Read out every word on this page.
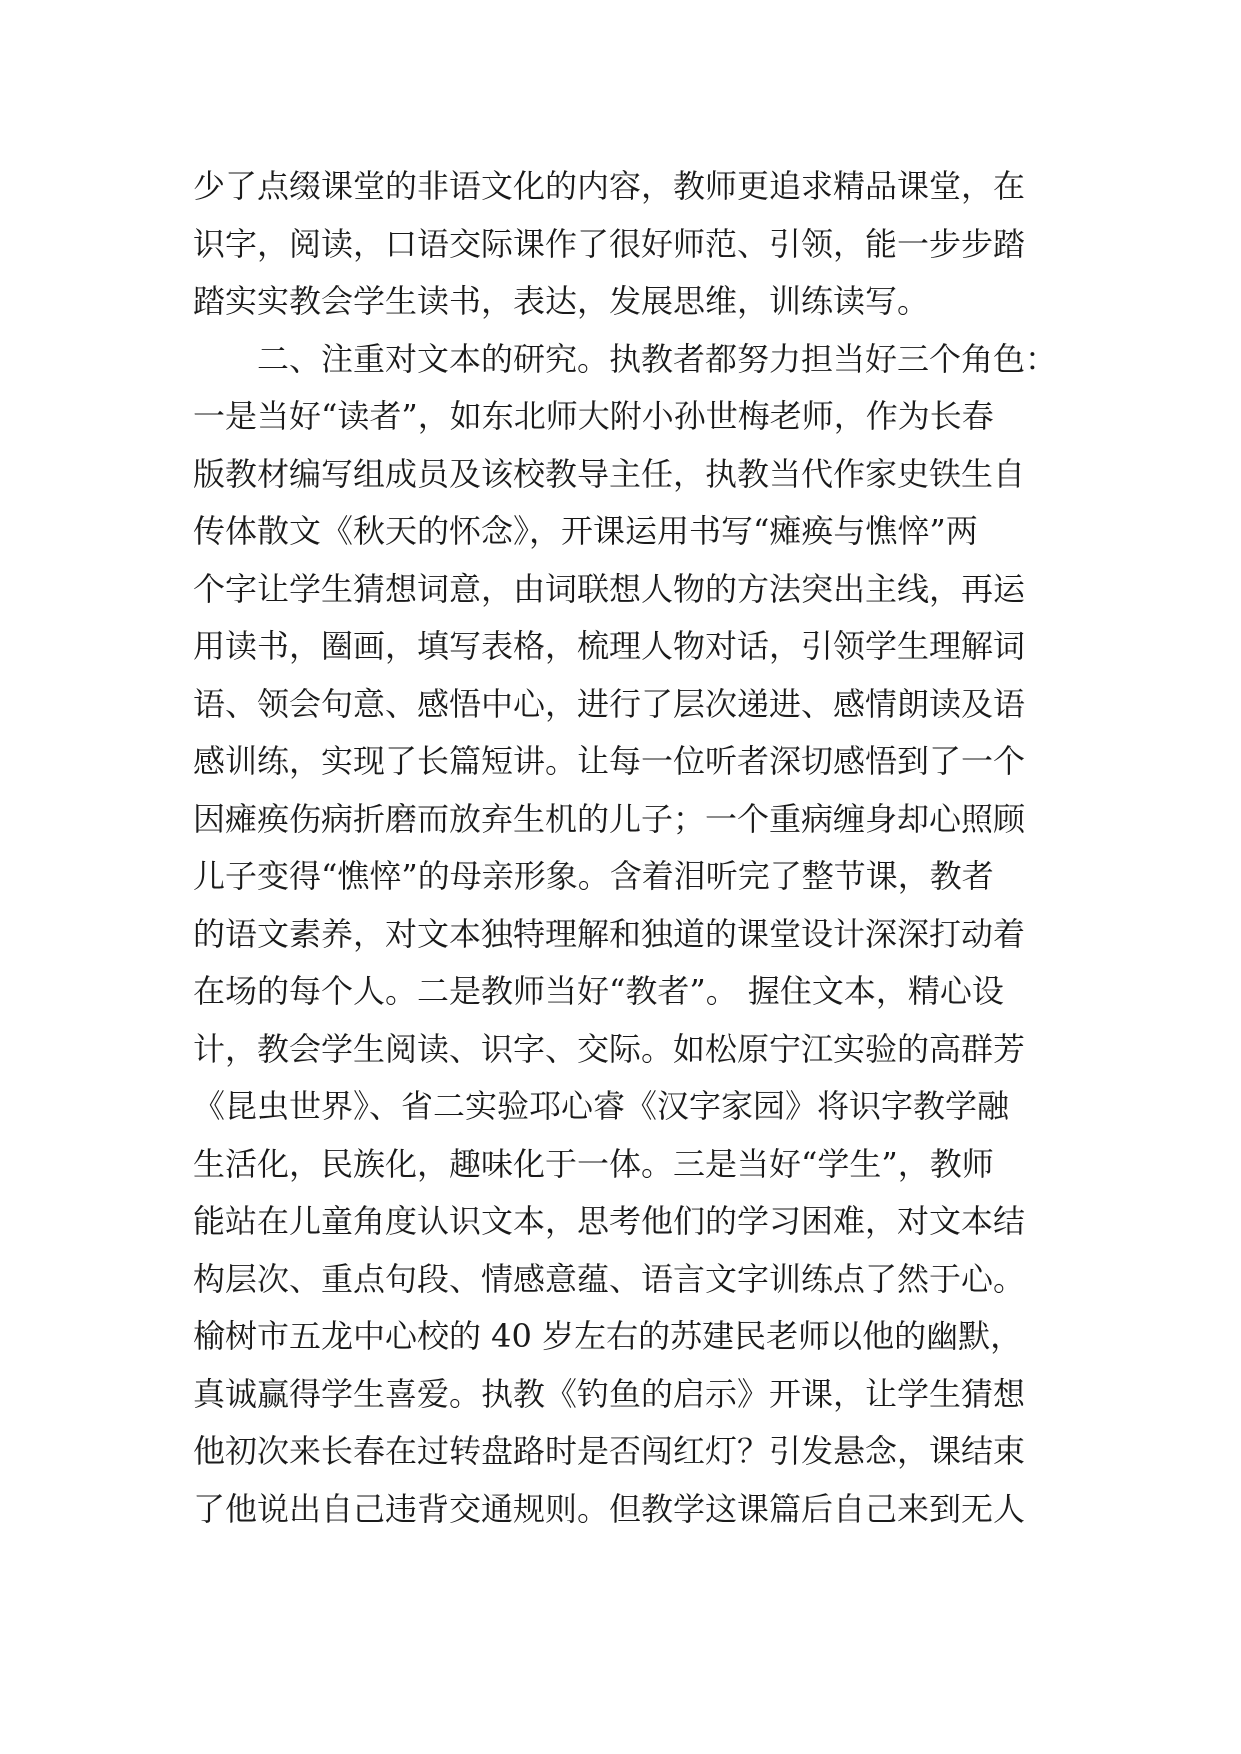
少了点缀课堂的非语文化的内容，教师更追求精品课堂，在
识字，阅读，口语交际课作了很好师范、引领，能一步步踏
踏实实教会学生读书，表达，发展思维，训练读写。
　　二、注重对文本的研究。执教者都努力担当好三个角色：
一是当好“读者”，如东北师大附小孙世梅老师，作为长春
版教材编写组成员及该校教导主任，执教当代作家史铁生自
传体散文《秋天的怀念》，开课运用书写“瘫痪与憔悴”两
个字让学生猜想词意，由词联想人物的方法突出主线，再运
用读书，圈画，填写表格，梳理人物对话，引领学生理解词
语、领会句意、感悟中心，进行了层次递进、感情朗读及语
感训练，实现了长篇短讲。让每一位听者深切感悟到了一个
因瘫痪伤病折磨而放弃生机的儿子；一个重病缠身却心照顾
儿子变得“憔悴”的母亲形象。含着泪听完了整节课，教者
的语文素养，对文本独特理解和独道的课堂设计深深打动着
在场的每个人。二是教师当好“教者”。 握住文本，精心设
计，教会学生阅读、识字、交际。如松原宁江实验的高群芳
《昆虫世界》、省二实验邛心睿《汉字家园》将识字教学融
生活化，民族化，趣味化于一体。三是当好“学生”，教师
能站在儿童角度认识文本，思考他们的学习困难，对文本结
构层次、重点句段、情感意蕴、语言文字训练点了然于心。
榆树市五龙中心校的 40 岁左右的苏建民老师以他的幽默，
真诚赢得学生喜爱。执教《钓鱼的启示》开课，让学生猜想
他初次来长春在过转盘路时是否闯红灯？引发悬念，课结束
了他说出自己违背交通规则。但教学这课篇后自己来到无人
